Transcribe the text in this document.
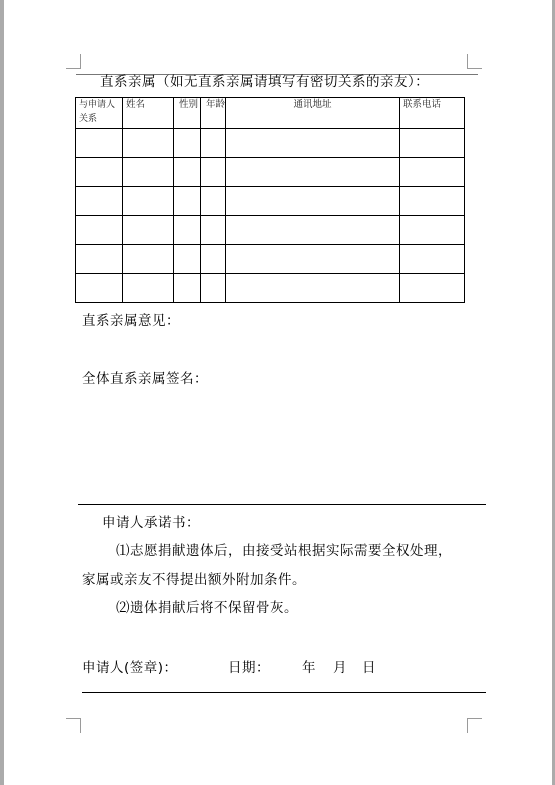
直系亲属（如无直系亲属请填写有密切关系的亲友）：
与申请人关系	姓名	性别	年龄	通讯地址	联系电话

直系亲属意见：
全体直系亲属签名：
申请人承诺书：
⑴志愿捐献遗体后，由接受站根据实际需要全权处理，
家属或亲友不得提出额外附加条件。
⑵遗体捐献后将不保留骨灰。
申请人(签章)：	日期： 年 月 日
